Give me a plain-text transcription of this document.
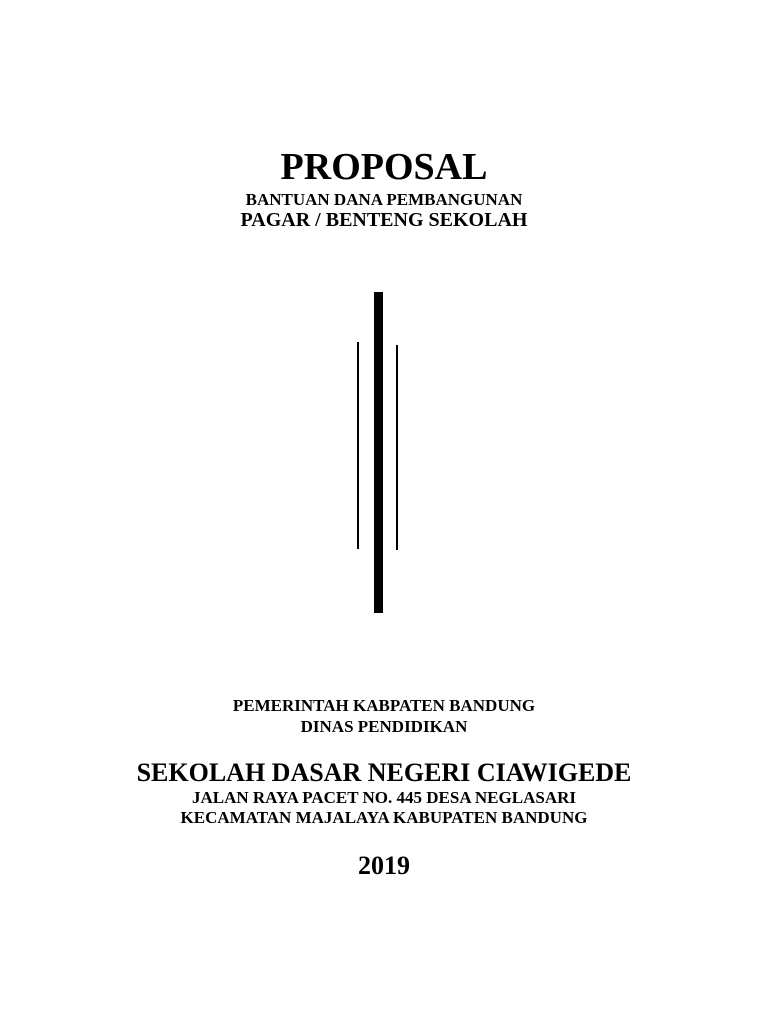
PROPOSAL
BANTUAN DANA PEMBANGUNAN
PAGAR / BENTENG SEKOLAH
PEMERINTAH KABPATEN BANDUNG
DINAS PENDIDIKAN
SEKOLAH DASAR NEGERI CIAWIGEDE
JALAN RAYA PACET NO. 445 DESA NEGLASARI
KECAMATAN MAJALAYA KABUPATEN BANDUNG
2019
